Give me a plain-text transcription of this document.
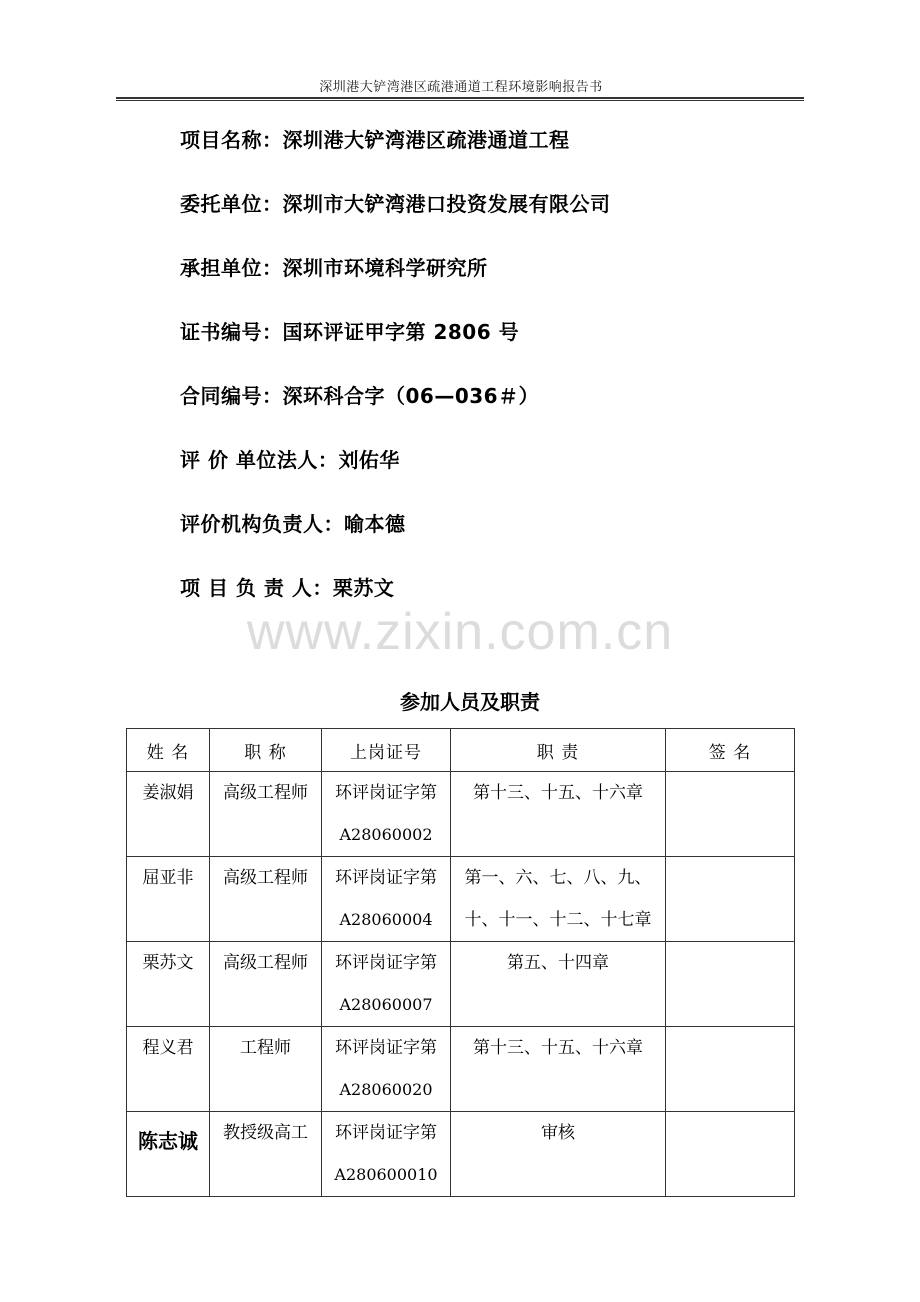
深圳港大铲湾港区疏港通道工程环境影响报告书
项目名称：深圳港大铲湾港区疏港通道工程
委托单位：深圳市大铲湾港口投资发展有限公司
承担单位：深圳市环境科学研究所
证书编号：国环评证甲字第 2806 号
合同编号：深环科合字（06—036＃）
评 价 单位法人：刘佑华
评价机构负责人：喻本德
项 目 负 责 人：栗苏文
www.zixin.com.cn
参加人员及职责
姓 名	职 称	上岗证号	职 责	签 名

姜淑娟	高级工程师	环评岗证字第
A28060002	第十三、十五、十六章	

屈亚非	高级工程师	环评岗证字第
A28060004	第一、六、七、八、九、
十、十一、十二、十七章	

栗苏文	高级工程师	环评岗证字第
A28060007	第五、十四章	

程义君	工程师	环评岗证字第
A28060020	第十三、十五、十六章	

陈志诚	教授级高工	环评岗证字第
A280600010	审核	
